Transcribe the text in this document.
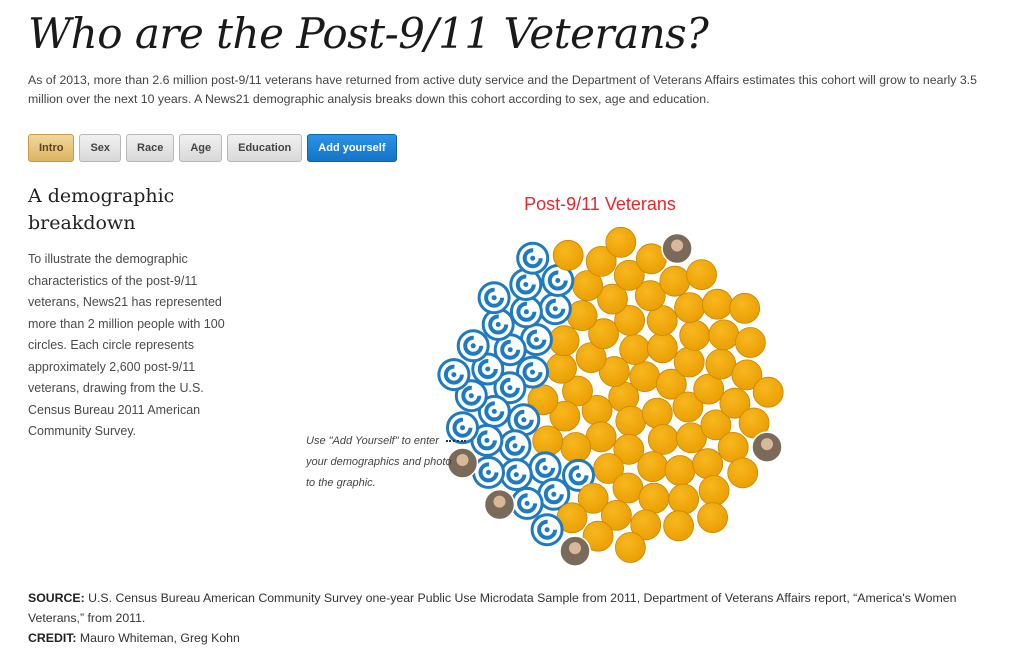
Who are the Post-9/11 Veterans?

As of 2013, more than 2.6 million post-9/11 veterans have returned from active duty service and the Department of Veterans Affairs estimates this cohort will grow to nearly 3.5 million over the next 10 years. A News21 demographic analysis breaks down this cohort according to sex, age and education.

Intro	Sex	Race	Age	Education	Add yourself
A demographic breakdown

To illustrate the demographic characteristics of the post-9/11 veterans, News21 has represented more than 2 million people with 100 circles. Each circle represents approximately 2,600 post-9/11 veterans, drawing from the U.S. Census Bureau 2011 American Community Survey.

Post-9/11 Veterans

Use "Add Yourself" to enter your demographics and photo to the graphic.

SOURCE: U.S. Census Bureau American Community Survey one-year Public Use Microdata Sample from 2011, Department of Veterans Affairs report, “America's Women Veterans,” from 2011.
CREDIT: Mauro Whiteman, Greg Kohn
